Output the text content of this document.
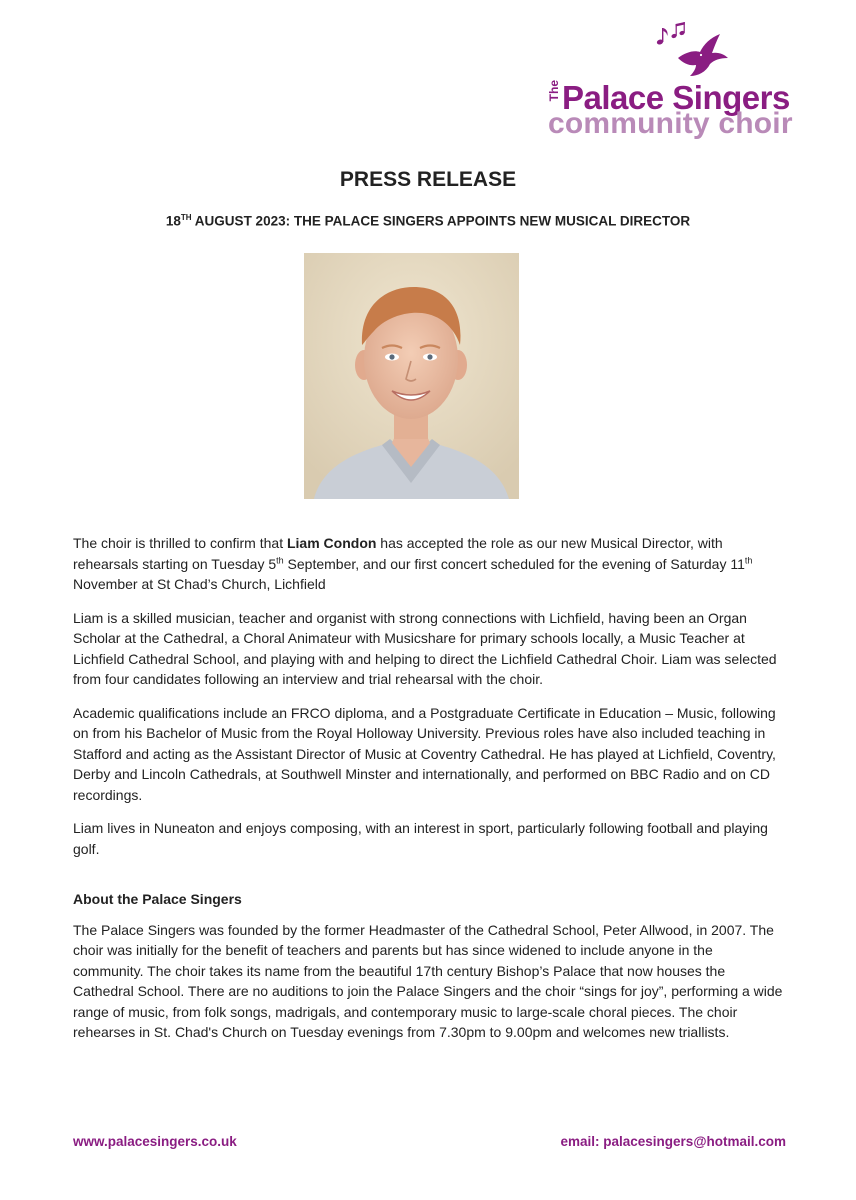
The Palace Singers
community choir
PRESS RELEASE
18TH AUGUST 2023: THE PALACE SINGERS APPOINTS NEW MUSICAL DIRECTOR

The choir is thrilled to confirm that Liam Condon has accepted the role as our new Musical Director, with rehearsals starting on Tuesday 5th September, and our first concert scheduled for the evening of Saturday 11th November at St Chad’s Church, Lichfield

Liam is a skilled musician, teacher and organist with strong connections with Lichfield, having been an Organ Scholar at the Cathedral, a Choral Animateur with Musicshare for primary schools locally, a Music Teacher at Lichfield Cathedral School, and playing with and helping to direct the Lichfield Cathedral Choir. Liam was selected from four candidates following an interview and trial rehearsal with the choir.

Academic qualifications include an FRCO diploma, and a Postgraduate Certificate in Education – Music, following on from his Bachelor of Music from the Royal Holloway University. Previous roles have also included teaching in Stafford and acting as the Assistant Director of Music at Coventry Cathedral. He has played at Lichfield, Coventry, Derby and Lincoln Cathedrals, at Southwell Minster and internationally, and performed on BBC Radio and on CD recordings.

Liam lives in Nuneaton and enjoys composing, with an interest in sport, particularly following football and playing golf.

About the Palace Singers

The Palace Singers was founded by the former Headmaster of the Cathedral School, Peter Allwood, in 2007. The choir was initially for the benefit of teachers and parents but has since widened to include anyone in the community. The choir takes its name from the beautiful 17th century Bishop’s Palace that now houses the Cathedral School. There are no auditions to join the Palace Singers and the choir “sings for joy”, performing a wide range of music, from folk songs, madrigals, and contemporary music to large-scale choral pieces. The choir rehearses in St. Chad's Church on Tuesday evenings from 7.30pm to 9.00pm and welcomes new triallists.

www.palacesingers.co.uk	email: palacesingers@hotmail.com
